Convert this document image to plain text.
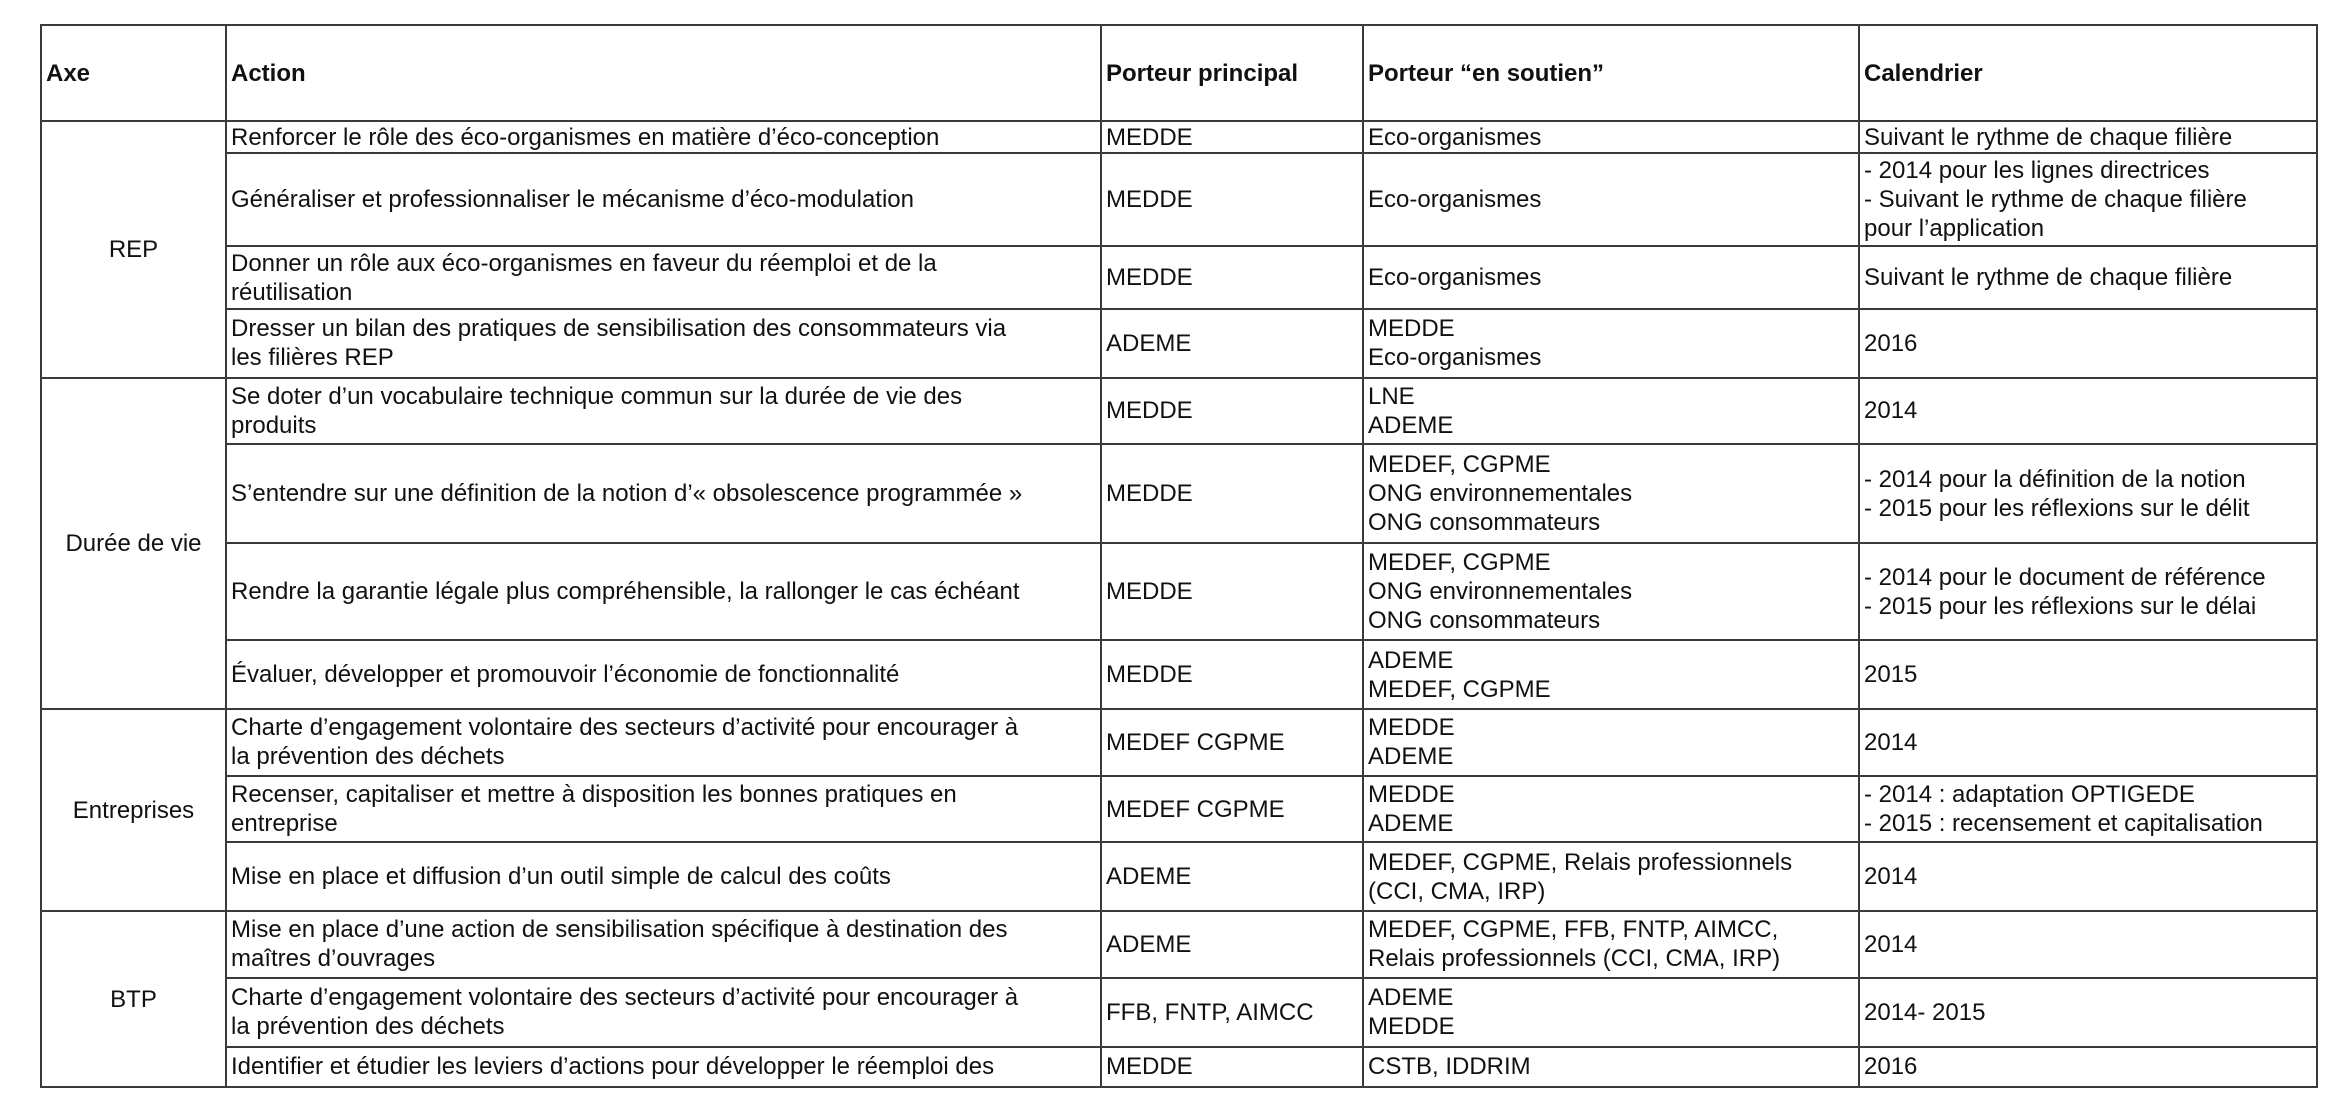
Axe	Action	Porteur principal	Porteur “en soutien”	Calendrier
REP	Renforcer le rôle des éco-organismes en matière d’éco-conception	MEDDE	Eco-organismes	Suivant le rythme de chaque filière

	Généraliser et professionnaliser le mécanisme d’éco-modulation	MEDDE	Eco-organismes	- 2014 pour les lignes directrices
- Suivant le rythme de chaque filière
pour l’application

	Donner un rôle aux éco-organismes en faveur du réemploi et de la
réutilisation	MEDDE	Eco-organismes	Suivant le rythme de chaque filière

	Dresser un bilan des pratiques de sensibilisation des consommateurs via
les filières REP	ADEME	MEDDE
Eco-organismes	2016

Durée de vie	Se doter d’un vocabulaire technique commun sur la durée de vie des
produits	MEDDE	LNE
ADEME	2014

	S’entendre sur une définition de la notion d’« obsolescence programmée »	MEDDE	MEDEF, CGPME
ONG environnementales
ONG consommateurs	- 2014 pour la définition de la notion
- 2015 pour les réflexions sur le délit

	Rendre la garantie légale plus compréhensible, la rallonger le cas échéant	MEDDE	MEDEF, CGPME
ONG environnementales
ONG consommateurs	- 2014 pour le document de référence
- 2015 pour les réflexions sur le délai

	Évaluer, développer et promouvoir l’économie de fonctionnalité	MEDDE	ADEME
MEDEF, CGPME	2015

Entreprises	Charte d’engagement volontaire des secteurs d’activité pour encourager à
la prévention des déchets	MEDEF CGPME	MEDDE
ADEME	2014

	Recenser, capitaliser et mettre à disposition les bonnes pratiques en
entreprise	MEDEF CGPME	MEDDE
ADEME	- 2014 : adaptation OPTIGEDE
- 2015 : recensement et capitalisation

	Mise en place et diffusion d’un outil simple de calcul des coûts	ADEME	MEDEF, CGPME, Relais professionnels
(CCI, CMA, IRP)	2014

BTP	Mise en place d’une action de sensibilisation spécifique à destination des
maîtres d’ouvrages	ADEME	MEDEF, CGPME, FFB, FNTP, AIMCC,
Relais professionnels (CCI, CMA, IRP)	2014

	Charte d’engagement volontaire des secteurs d’activité pour encourager à
la prévention des déchets	FFB, FNTP, AIMCC	ADEME
MEDDE	2014- 2015

	Identifier et étudier les leviers d’actions pour développer le réemploi des	MEDDE	CSTB, IDDRIM	2016
